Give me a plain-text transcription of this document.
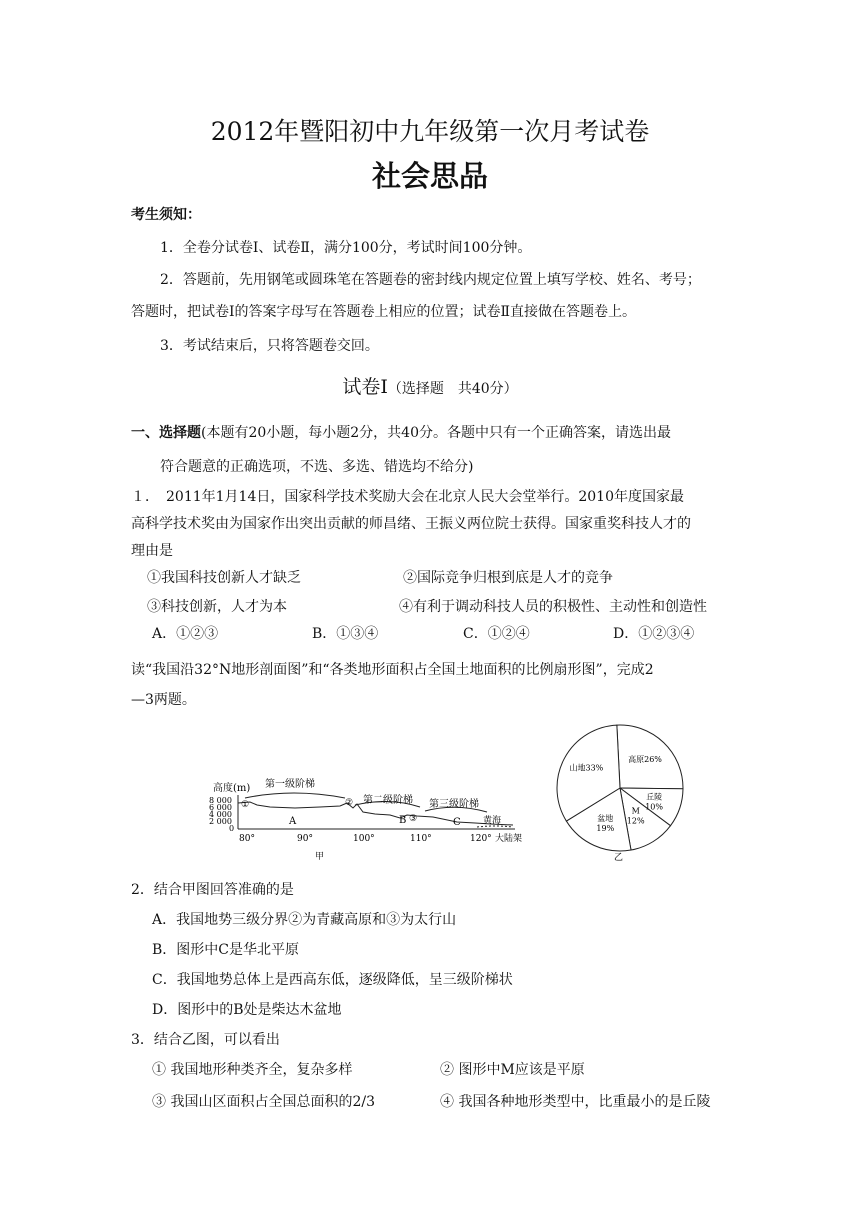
2012年暨阳初中九年级第一次月考试卷
社会思品
考生须知：
1．全卷分试卷Ⅰ、试卷Ⅱ，满分100分，考试时间100分钟。
2．答题前，先用钢笔或圆珠笔在答题卷的密封线内规定位置上填写学校、姓名、考号；
答题时，把试卷Ⅰ的答案字母写在答题卷上相应的位置；试卷Ⅱ直接做在答题卷上。
3．考试结束后，只将答题卷交回。
试卷Ⅰ（选择题　共40分）
一、选择题(本题有20小题，每小题2分，共40分。各题中只有一个正确答案，请选出最
符合题意的正确选项，不选、多选、错选均不给分)
１．　2011年1月14日，国家科学技术奖励大会在北京人民大会堂举行。2010年度国家最
高科学技术奖由为国家作出突出贡献的师昌绪、王振义两位院士获得。国家重奖科技人才的
理由是
①我国科技创新人才缺乏	②国际竞争归根到底是人才的竞争
③科技创新，人才为本	④有利于调动科技人员的积极性、主动性和创造性
A．①②③	B．①③④	C．①②④	D．①②③④
读“我国沿32°N地形剖面图”和“各类地形面积占全国土地面积的比例扇形图”，完成2
—3两题。
高度(m)
8 000
6 000
4 000
2 000
0
第一级阶梯
第二级阶梯 第三级阶梯
①	②
③
A	B	C 黄海
大陆架
80°	90°	100°	110°	120°
甲
山地33%
高原26%
丘陵
10%
M
12%
盆地
19%
乙
2．结合甲图回答准确的是
A．我国地势三级分界②为青藏高原和③为太行山
B．图形中C是华北平原
C．我国地势总体上是西高东低，逐级降低，呈三级阶梯状
D．图形中的B处是柴达木盆地
3．结合乙图，可以看出
① 我国地形种类齐全，复杂多样	② 图形中M应该是平原
③ 我国山区面积占全国总面积的2/3	④ 我国各种地形类型中，比重最小的是丘陵
